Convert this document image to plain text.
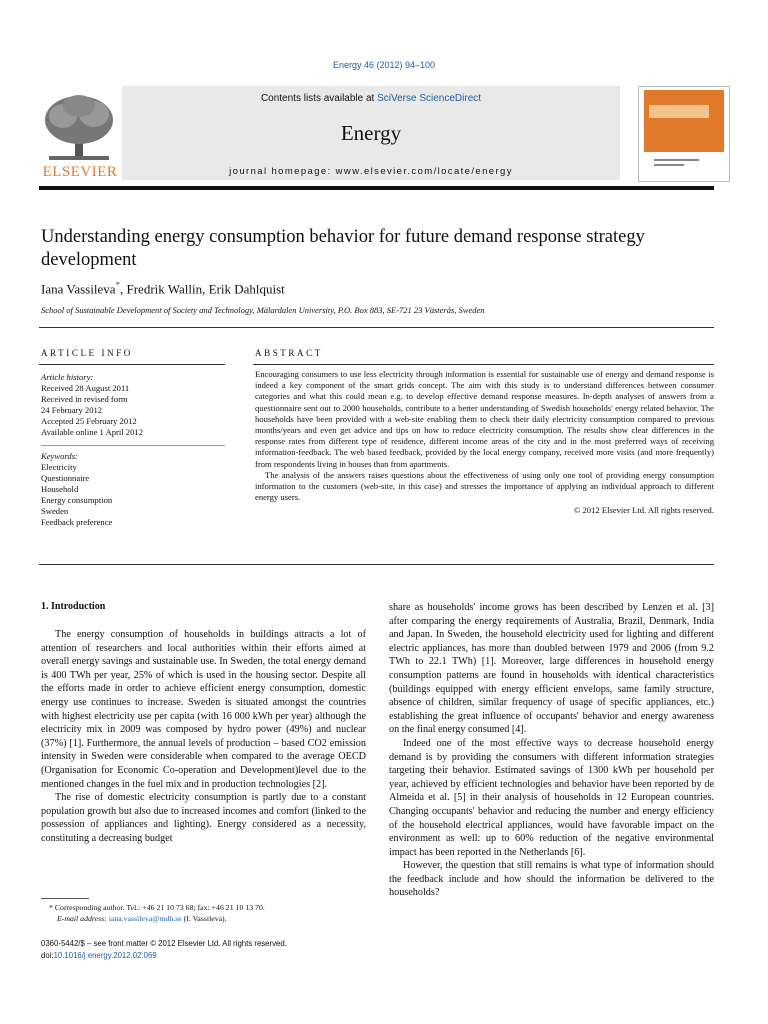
Energy 46 (2012) 94–100
ELSEVIER
Contents lists available at SciVerse ScienceDirect
Energy
journal homepage: www.elsevier.com/locate/energy
Understanding energy consumption behavior for future demand response strategy development
Iana Vassileva*, Fredrik Wallin, Erik Dahlquist
School of Sustainable Development of Society and Technology, Mälardalen University, P.O. Box 883, SE-721 23 Västerås, Sweden
ARTICLE INFO
Article history:
Received 28 August 2011
Received in revised form
24 February 2012
Accepted 25 February 2012
Available online 1 April 2012
Keywords:
Electricity
Questionnaire
Household
Energy consumption
Sweden
Feedback preference
ABSTRACT

Encouraging consumers to use less electricity through information is essential for sustainable use of energy and demand response is indeed a key component of the smart grids concept. The aim with this study is to understand differences between consumer categories and what this could mean e.g. to develop effective demand response measures. In-depth analyses of answers from a questionnaire sent out to 2000 households, contribute to a better understanding of Swedish households' energy related behavior. The households have been provided with a web-site enabling them to check their daily electricity consumption compared to previous months/years and even get advice and tips on how to reduce electricity consumption. The results show clear differences in the response rates from different type of residence, different income areas of the city and in the most preferred ways of receiving information-feedback. The web based feedback, provided by the local energy company, received more visits (and more frequently) from respondents living in houses than from apartments.

The analysis of the answers raises questions about the effectiveness of using only one tool of providing energy consumption information to the customers (web-site, in this case) and stresses the importance of applying an individual approach to different energy users.

© 2012 Elsevier Ltd. All rights reserved.
1. Introduction

The energy consumption of households in buildings attracts a lot of attention of researchers and local authorities within their efforts aimed at overall energy savings and sustainable use. In Sweden, the total energy demand is 400 TWh per year, 25% of which is used in the housing sector. Despite all the efforts made in order to achieve efficient energy consumption, domestic energy use continues to increase. Sweden is situated amongst the countries with highest electricity use per capita (with 16 000 kWh per year) although the electricity mix in 2009 was composed by hydro power (49%) and nuclear (37%) [1]. Furthermore, the annual levels of production – based CO2 emission intensity in Sweden were considerable when compared to the average OECD (Organisation for Economic Co-operation and Development)level due to the mentioned changes in the fuel mix and in production technologies [2].

The rise of domestic electricity consumption is partly due to a constant population growth but also due to increased incomes and comfort (linked to the possession of appliances and lighting). Energy considered as a necessity, constituting a decreasing budget

share as households' income grows has been described by Lenzen et al. [3] after comparing the energy requirements of Australia, Brazil, Denmark, India and Japan. In Sweden, the household electricity used for lighting and different electric appliances, has more than doubled between 1979 and 2006 (from 9.2 TWh to 22.1 TWh) [1]. Moreover, large differences in household energy consumption patterns are found in households with identical characteristics (buildings equipped with energy efficient envelops, same family structure, absence of children, similar frequency of usage of specific appliances, etc.) establishing the great influence of occupants' behavior and energy awareness on the final energy consumed [4].

Indeed one of the most effective ways to decrease household energy demand is by providing the consumers with different information strategies targeting their behavior. Estimated savings of 1300 kWh per household per year, achieved by efficient technologies and behavior have been reported by de Almeida et al. [5] in their analysis of households in 12 European countries. Changing occupants' behavior and reducing the number and energy efficiency of the household electrical appliances, would have favorable impact on the environment as well: up to 60% reduction of the negative environmental impact has been reported in the Netherlands [6].

However, the question that still remains is what type of information should the feedback include and how should the information be delivered to the households?

* Corresponding author. Tel.: +46 21 10 73 68; fax: +46 21 10 13 70.
E-mail address: iana.vassileva@mdh.se (I. Vassileva).
0360-5442/$ – see front matter © 2012 Elsevier Ltd. All rights reserved.
doi:10.1016/j.energy.2012.02.069
